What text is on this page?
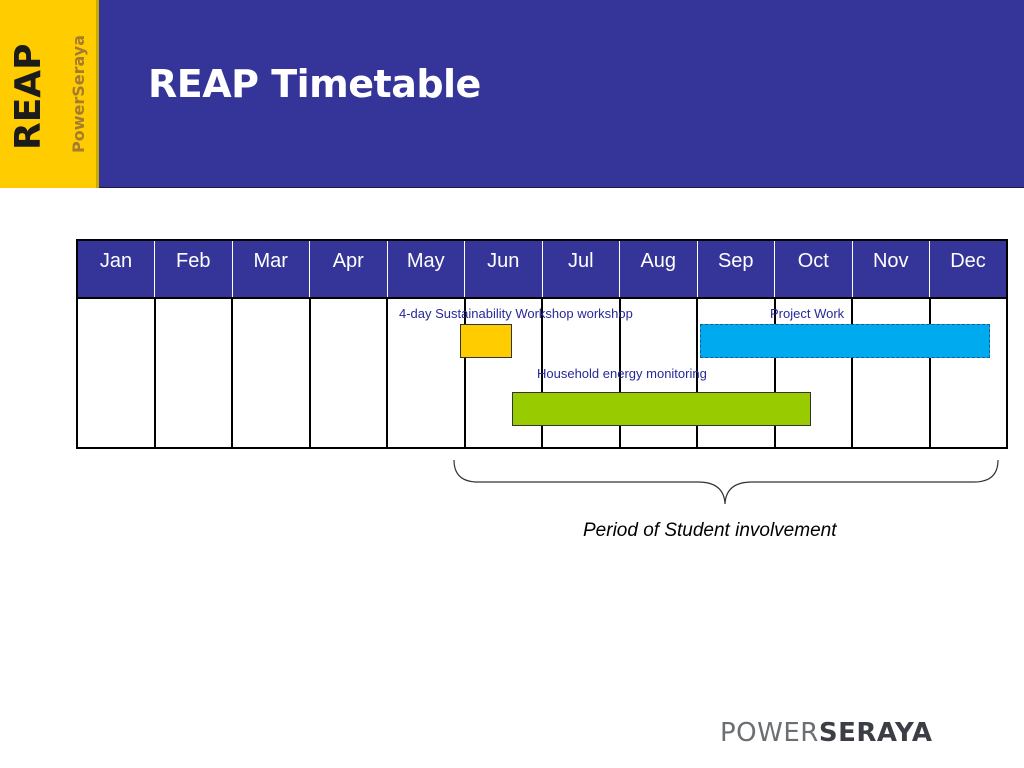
REAP PowerSeraya REAP Timetable
Jan	Feb	Mar	Apr	May	Jun	Jul	Aug	Sep	Oct	Nov	Dec

4-day Sustainability Workshop workshop	Project Work
Household energy monitoring
Period of Student involvement
POWERSERAYA
